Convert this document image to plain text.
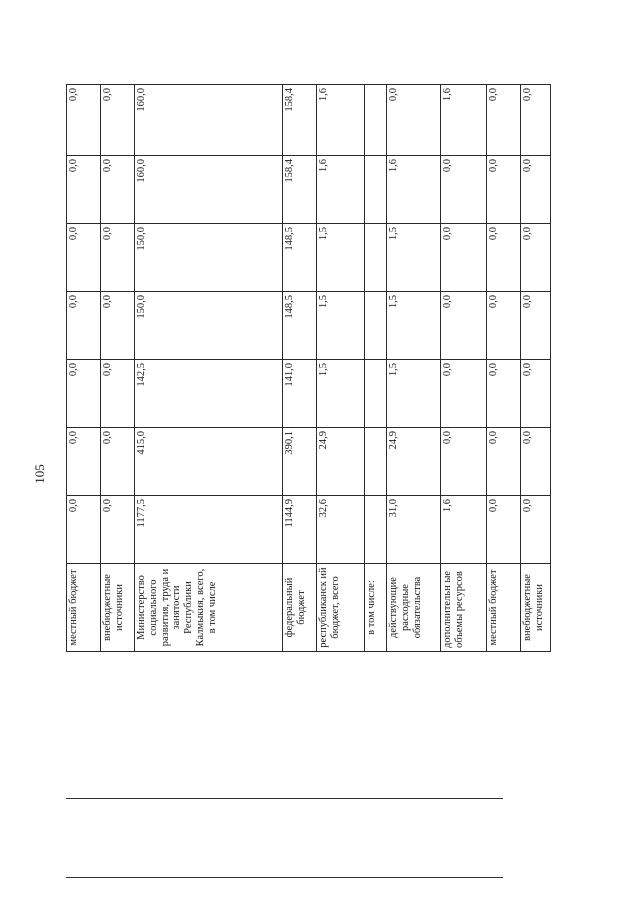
105
местный бюджет	0,0	0,0	0,0	0,0	0,0	0,0	0,0
внебюджетные источники	0,0	0,0	0,0	0,0	0,0	0,0	0,0
Министерство социального развития, труда и занятости Республики Калмыкия, всего, в том числе	1177,5	415,0	142,5	150,0	150,0	160,0	160,0
федеральный бюджет	1144,9	390,1	141,0	148,5	148,5	158,4	158,4
республиканск ий бюджет, всего	32,6	24,9	1,5	1,5	1,5	1,6	1,6
в том числе:							
действующие расходные обязательства	31,0	24,9	1,5	1,5	1,5	1,6	0,0
дополнительн ые объемы ресурсов	1,6	0,0	0,0	0,0	0,0	0,0	1,6
местный бюджет	0,0	0,0	0,0	0,0	0,0	0,0	0,0
внебюджетные источники	0,0	0,0	0,0	0,0	0,0	0,0	0,0
